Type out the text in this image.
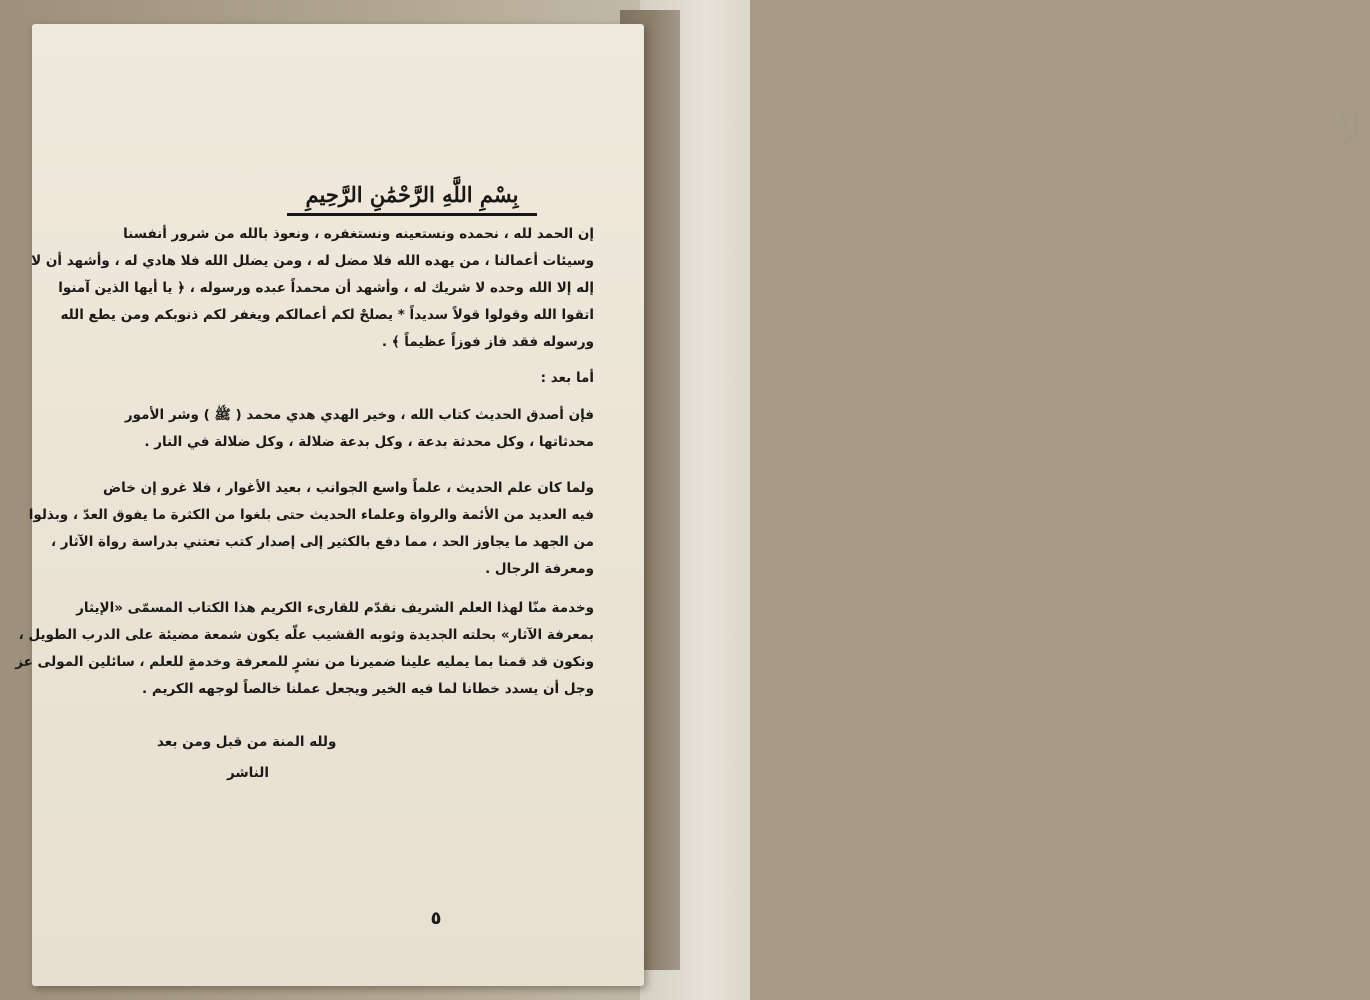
ﻻ
بِسْمِ اللَّهِ الرَّحْمَٰنِ الرَّحِيمِ
إن الحمد لله ، نحمده ونستعينه ونستغفره ، ونعوذ بالله من شرور أنفسنا
وسيئات أعمالنا ، من يهده الله فلا مضل له ، ومن يضلل الله فلا هادي له ، وأشهد أن لا
إله إلا الله وحده لا شريك له ، وأشهد أن محمداً عبده ورسوله ، ﴿ يا أيها الذين آمنوا
اتقوا الله وقولوا قولاً سديداً * يصلحْ لكم أعمالكم ويغفر لكم ذنوبكم ومن يطع الله
ورسوله فقد فاز فوزاً عظيماً ﴾ .
أما بعد :
فإن أصدق الحديث كتاب الله ، وخير الهدي هدي محمد ( ﷺ ) وشر الأمور
محدثاتها ، وكل محدثة بدعة ، وكل بدعة ضلالة ، وكل ضلالة في النار .
ولما كان علم الحديث ، علماً واسع الجوانب ، بعيد الأغوار ، فلا غرو إن خاض
فيه العديد من الأئمة والرواة وعلماء الحديث حتى بلغوا من الكثرة ما يفوق العدّ ، وبذلوا
من الجهد ما يجاوز الحد ، مما دفع بالكثير إلى إصدار كتب تعتني بدراسة رواة الآثار ،
ومعرفة الرجال .
وخدمة منّا لهذا العلم الشريف نقدّم للقارىء الكريم هذا الكتاب المسمّى «الإيثار
بمعرفة الآثار» بحلته الجديدة وثوبه القشيب علّه يكون شمعة مضيئة على الدرب الطويل ،
ونكون قد قمنا بما يمليه علينا ضميرنا من نشرٍ للمعرفة وخدمةٍ للعلم ، سائلين المولى عز
وجل أن يسدد خطانا لما فيه الخير ويجعل عملنا خالصاً لوجهه الكريم .
ولله المنة من قبل ومن بعد
الناشر
٥
